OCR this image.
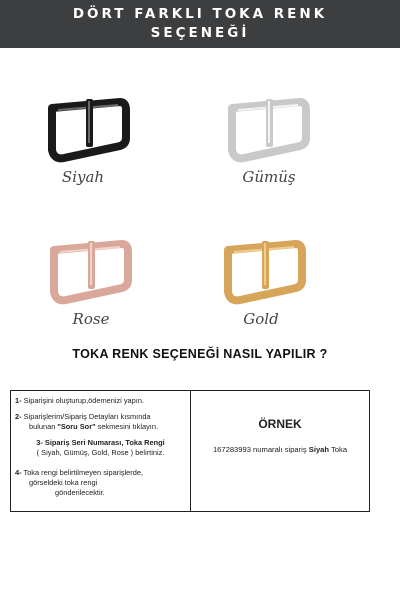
DÖRT FARKLI TOKA RENK
SEÇENEĞİ
Siyah	Gümüş
Rose	Gold
TOKA RENK SEÇENEĞİ NASIL YAPILIR ?

1- Siparişini oluşturup,ödemenizi yapın.

2- Siparişlerim/Sipariş Detayları kısmında
bulunan "Soru Sor" sekmesini tıklayın.

3- Sipariş Seri Numarası, Toka Rengi
( Siyah, Gümüş, Gold, Rose ) belirtiniz.

4- Toka rengi belirtilmeyen siparişlerde,
görseldeki toka rengi
gönderilecektir.

ÖRNEK
167283993 numaralı sipariş Siyah Toka
